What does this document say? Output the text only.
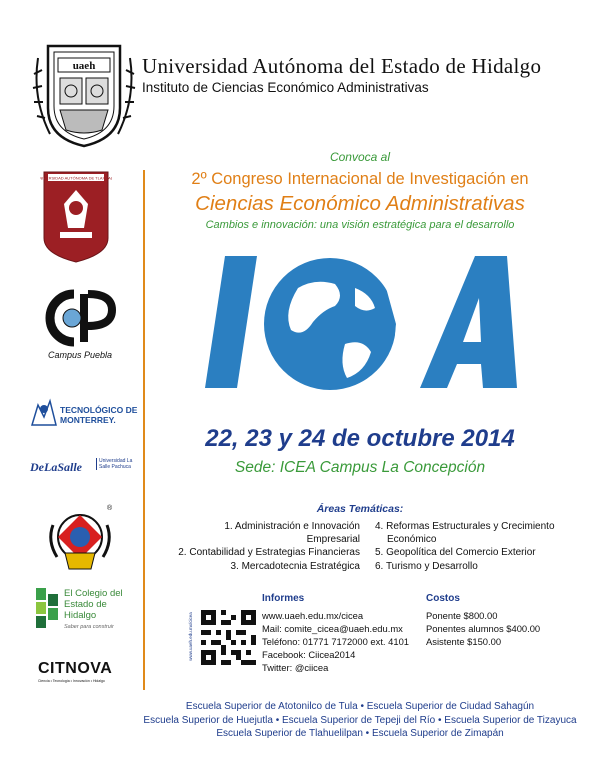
uaeh Universidad Autónoma del Estado de Hidalgo
Instituto de Ciencias Económico Administrativas
UNIVERSIDAD AUTÓNOMA DE TLAXCALA
Campus Puebla
TECNOLÓGICO DE MONTERREY.
DeLaSalle	Universidad La Salle Pachuca
®
El Colegio del Estado de Hidalgo
Saber para construir
CITNOVA
Ciencia • Tecnología • Innovación • Hidalgo
Convoca al
2º Congreso Internacional de Investigación en
Ciencias Económico Administrativas
Cambios e innovación: una visión estratégica para el desarrollo
22, 23 y 24 de octubre 2014
Sede: ICEA Campus La Concepción
Áreas Temáticas:
1. Administración e Innovación
Empresarial
2. Contabilidad y Estrategias Financieras
3. Mercadotecnia Estratégica
4. Reformas Estructurales y Crecimiento
Económico
5. Geopolítica del Comercio Exterior
6. Turismo y Desarrollo
Informes
www.uaeh.edu.mx/cicea	www.uaeh.edu.mx/cicea
Mail: comite_cicea@uaeh.edu.mx
Teléfono: 01771 7172000 ext. 4101
Facebook: Ciicea2014
Twitter: @ciicea
Costos
Ponente $800.00
Ponentes alumnos $400.00
Asistente $150.00
Escuela Superior de Atotonilco de Tula • Escuela Superior de Ciudad Sahagún
Escuela Superior de Huejutla • Escuela Superior de Tepeji del Río • Escuela Superior de Tizayuca
Escuela Superior de Tlahuelilpan • Escuela Superior de Zimapán
